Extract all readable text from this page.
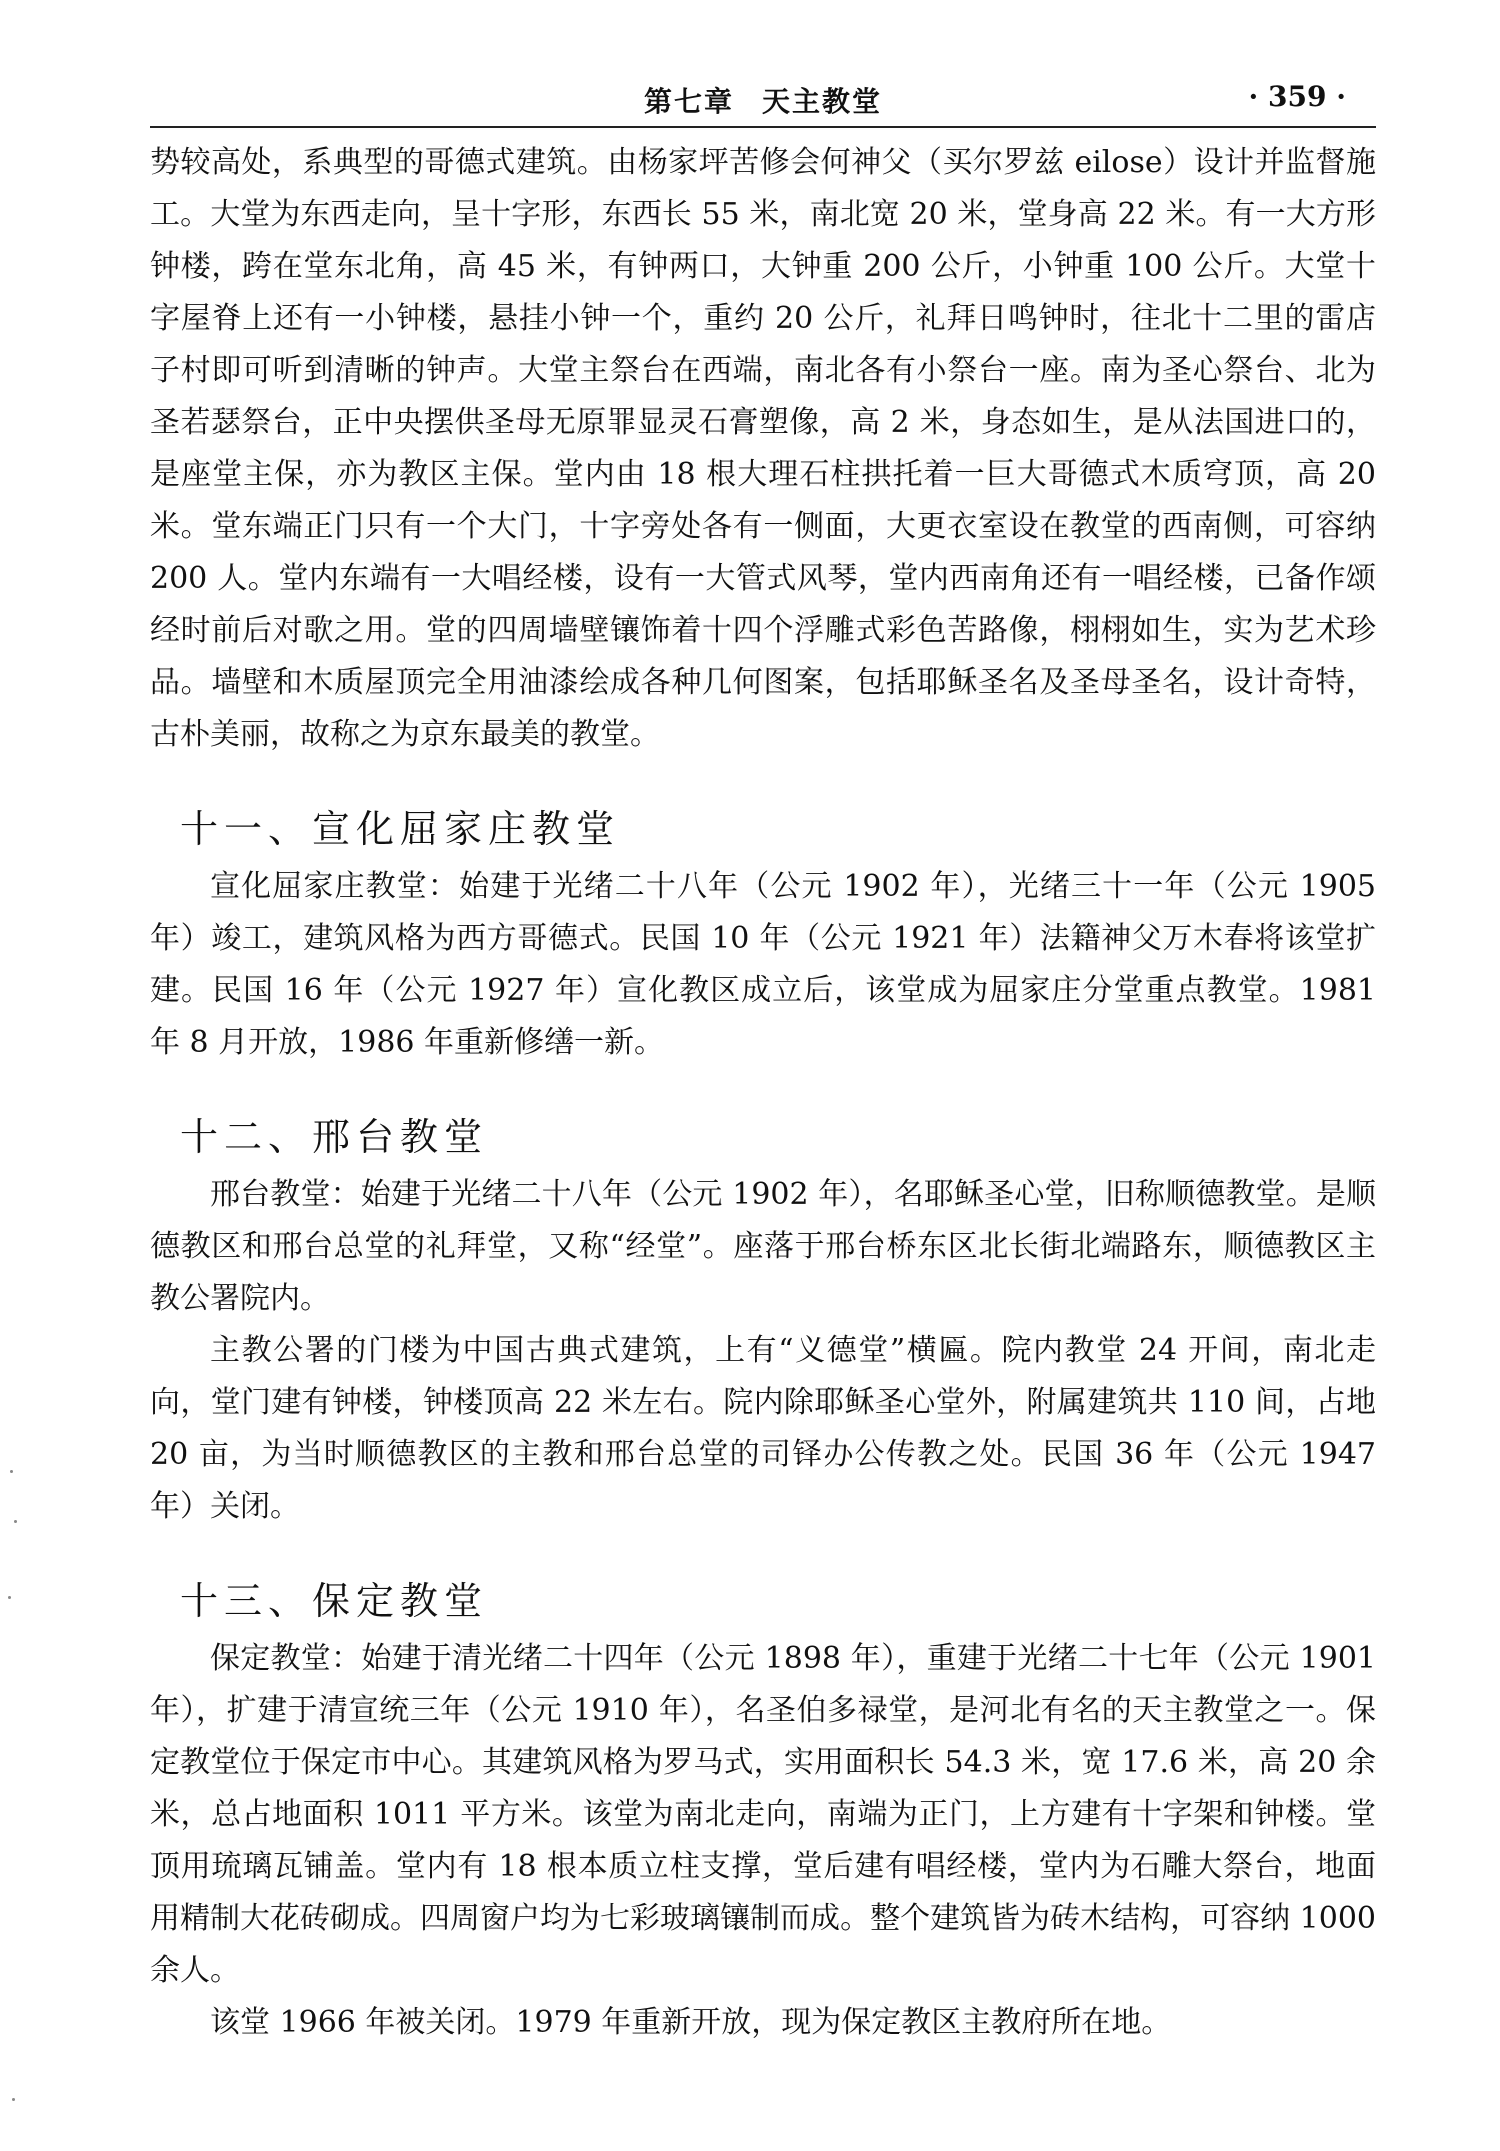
第七章 天主教堂	· 359 ·

势较高处，系典型的哥德式建筑。由杨家坪苦修会何神父（买尔罗兹 eilose）设计并监督施工。大堂为东西走向，呈十字形，东西长 55 米，南北宽 20 米，堂身高 22 米。有一大方形钟楼，跨在堂东北角，高 45 米，有钟两口，大钟重 200 公斤，小钟重 100 公斤。大堂十字屋脊上还有一小钟楼，悬挂小钟一个，重约 20 公斤，礼拜日鸣钟时，往北十二里的雷店子村即可听到清晰的钟声。大堂主祭台在西端，南北各有小祭台一座。南为圣心祭台、北为圣若瑟祭台，正中央摆供圣母无原罪显灵石膏塑像，高 2 米，身态如生，是从法国进口的，是座堂主保，亦为教区主保。堂内由 18 根大理石柱拱托着一巨大哥德式木质穹顶，高 20 米。堂东端正门只有一个大门，十字旁处各有一侧面，大更衣室设在教堂的西南侧，可容纳 200 人。堂内东端有一大唱经楼，设有一大管式风琴，堂内西南角还有一唱经楼，已备作颂经时前后对歌之用。堂的四周墙壁镶饰着十四个浮雕式彩色苦路像，栩栩如生，实为艺术珍品。墙壁和木质屋顶完全用油漆绘成各种几何图案，包括耶稣圣名及圣母圣名，设计奇特，古朴美丽，故称之为京东最美的教堂。

十一、宣化屈家庄教堂

宣化屈家庄教堂：始建于光绪二十八年（公元 1902 年），光绪三十一年（公元 1905 年）竣工，建筑风格为西方哥德式。民国 10 年（公元 1921 年）法籍神父万木春将该堂扩建。民国 16 年（公元 1927 年）宣化教区成立后，该堂成为屈家庄分堂重点教堂。1981 年 8 月开放，1986 年重新修缮一新。

十二、邢台教堂

邢台教堂：始建于光绪二十八年（公元 1902 年），名耶稣圣心堂，旧称顺德教堂。是顺德教区和邢台总堂的礼拜堂，又称“经堂”。座落于邢台桥东区北长街北端路东，顺德教区主教公署院内。

主教公署的门楼为中国古典式建筑，上有“义德堂”横匾。院内教堂 24 开间，南北走向，堂门建有钟楼，钟楼顶高 22 米左右。院内除耶稣圣心堂外，附属建筑共 110 间，占地 20 亩，为当时顺德教区的主教和邢台总堂的司铎办公传教之处。民国 36 年（公元 1947 年）关闭。

十三、保定教堂

保定教堂：始建于清光绪二十四年（公元 1898 年），重建于光绪二十七年（公元 1901 年），扩建于清宣统三年（公元 1910 年），名圣伯多禄堂，是河北有名的天主教堂之一。保定教堂位于保定市中心。其建筑风格为罗马式，实用面积长 54.3 米，宽 17.6 米，高 20 余米，总占地面积 1011 平方米。该堂为南北走向，南端为正门，上方建有十字架和钟楼。堂顶用琉璃瓦铺盖。堂内有 18 根本质立柱支撑，堂后建有唱经楼，堂内为石雕大祭台，地面用精制大花砖砌成。四周窗户均为七彩玻璃镶制而成。整个建筑皆为砖木结构，可容纳 1000 余人。

该堂 1966 年被关闭。1979 年重新开放，现为保定教区主教府所在地。
